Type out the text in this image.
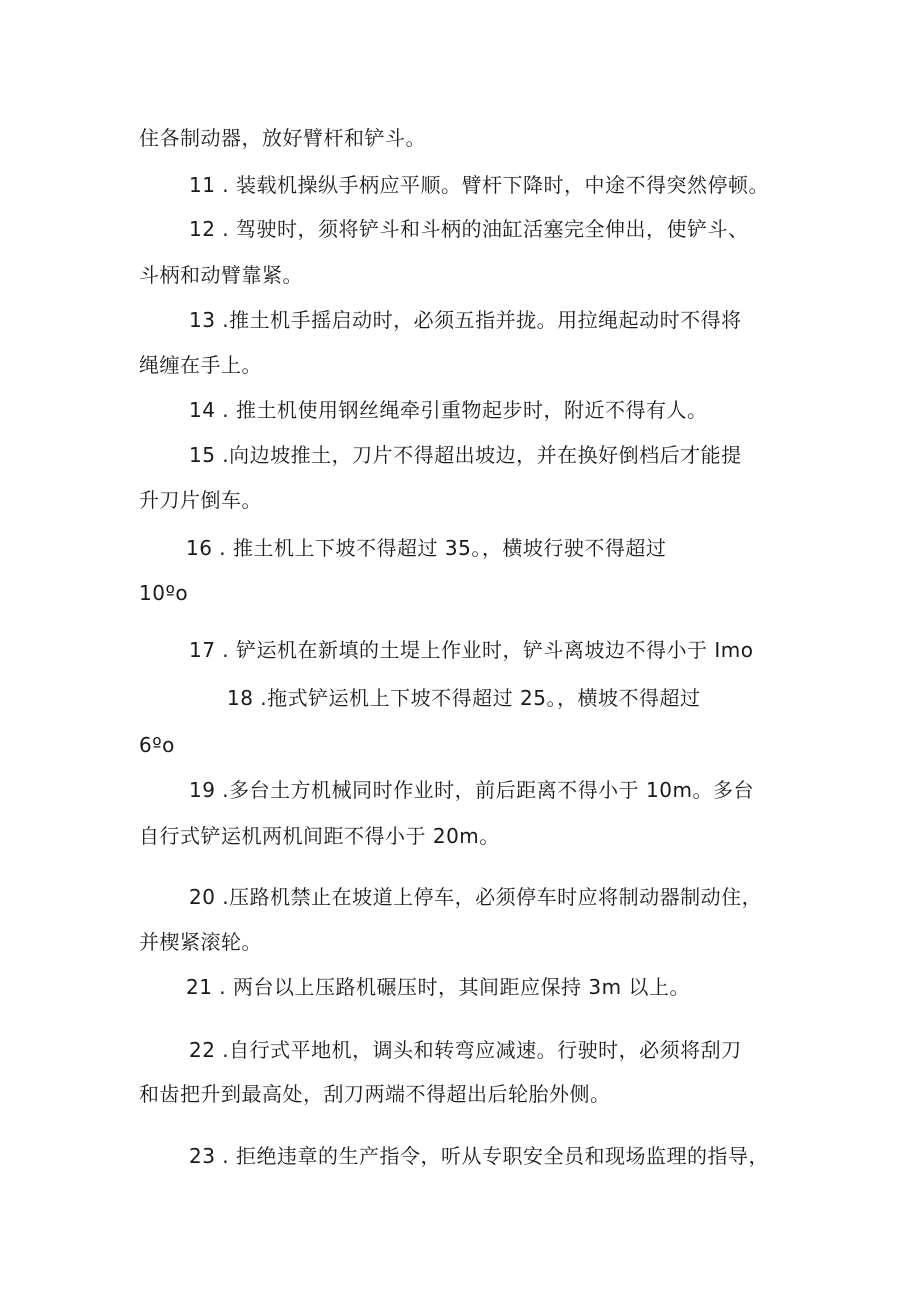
住各制动器，放好臂杆和铲斗。
11 . 装载机操纵手柄应平顺。臂杆下降时，中途不得突然停顿。
12 . 驾驶时，须将铲斗和斗柄的油缸活塞完全伸出，使铲斗、
斗柄和动臂靠紧。
13 .推土机手摇启动时，必须五指并拢。用拉绳起动时不得将
绳缠在手上。
14 . 推土机使用钢丝绳牵引重物起步时，附近不得有人。
15 .向边坡推土，刀片不得超出坡边，并在换好倒档后才能提
升刀片倒车。
16 . 推土机上下坡不得超过 35。，横坡行驶不得超过
10ºo
17 . 铲运机在新填的土堤上作业时，铲斗离坡边不得小于 Imo
18 .拖式铲运机上下坡不得超过 25。，横坡不得超过
6ºo
19 .多台土方机械同时作业时，前后距离不得小于 10m。多台
自行式铲运机两机间距不得小于 20m。
20 .压路机禁止在坡道上停车，必须停车时应将制动器制动住，
并楔紧滚轮。
21 . 两台以上压路机碾压时，其间距应保持 3m 以上。
22 .自行式平地机，调头和转弯应减速。行驶时，必须将刮刀
和齿把升到最高处，刮刀两端不得超出后轮胎外侧。
23 . 拒绝违章的生产指令，听从专职安全员和现场监理的指导，
